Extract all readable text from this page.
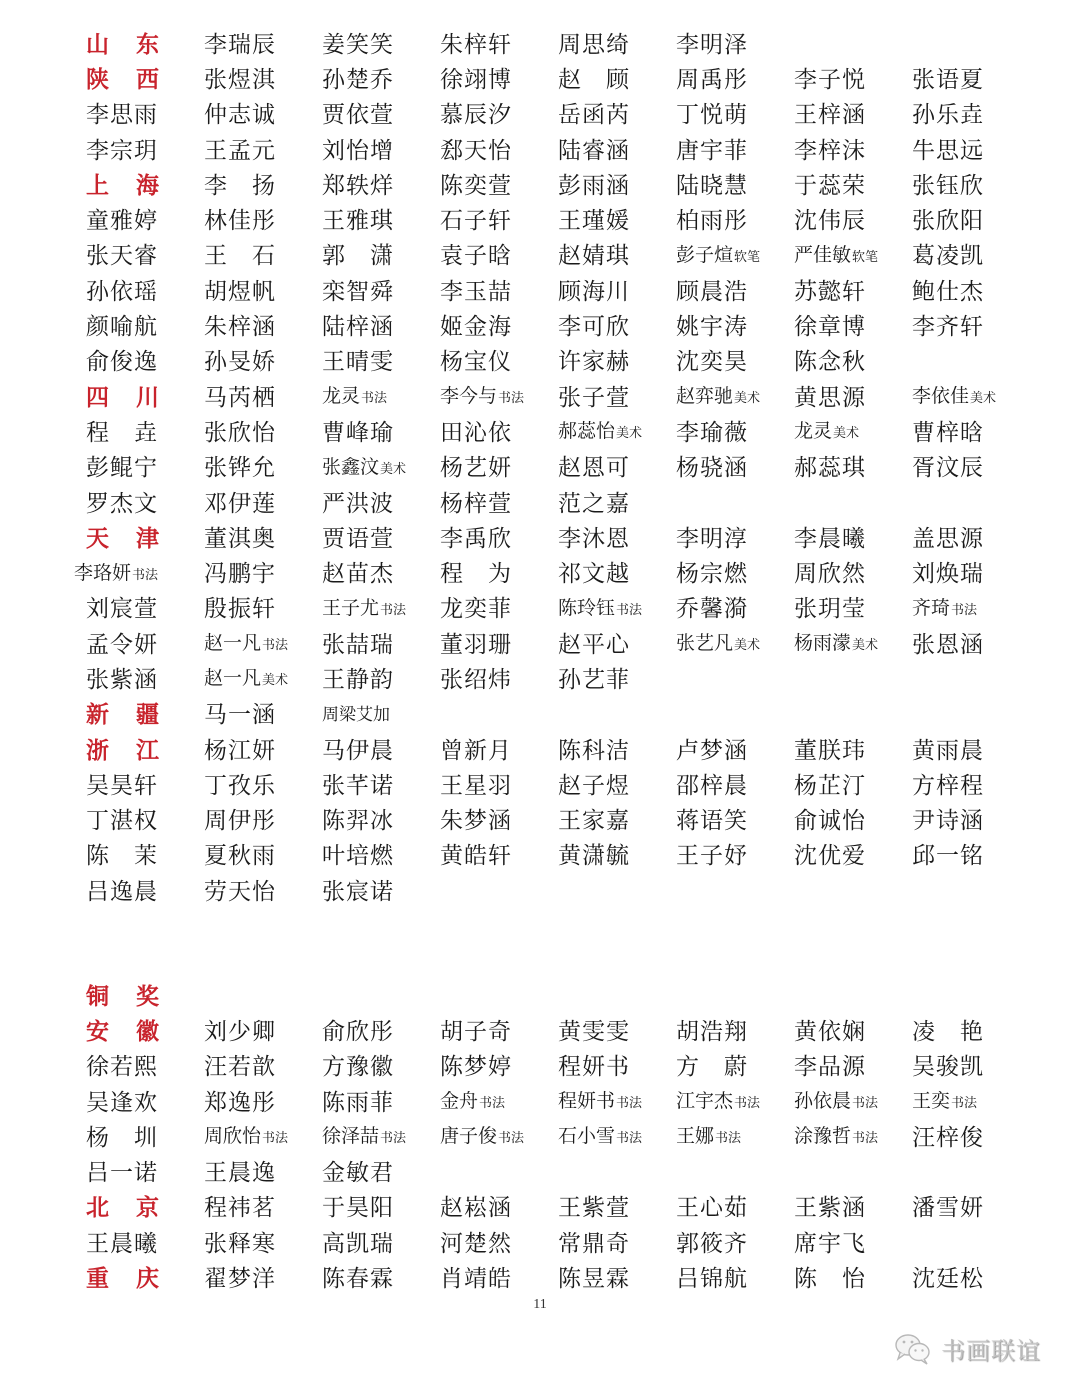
山东	李瑞辰	姜笑笑	朱梓轩	周思绮	李明泽
陕西	张煜淇	孙楚乔	徐翊博	赵顾	周禹彤	李子悦	张语夏
李思雨	仲志诚	贾依萱	慕辰汐	岳函芮	丁悦萌	王梓涵	孙乐垚
李宗玥	王孟元	刘怡增	郄天怡	陆睿涵	唐宇菲	李梓沫	牛思远
上海	李扬	郑轶烊	陈奕萱	彭雨涵	陆晓慧	于蕊荣	张钰欣
童雅婷	林佳彤	王雅琪	石子轩	王瑾媛	柏雨彤	沈伟辰	张欣阳
张天睿	王石	郭潇	袁子晗	赵婧琪	彭子煊软笔	严佳敏软笔	葛凌凯
孙依瑶	胡煜帆	栾智舜	李玉喆	顾海川	顾晨浩	苏懿轩	鲍仕杰
颜喻航	朱梓涵	陆梓涵	姬金海	李可欣	姚宇涛	徐章博	李齐轩
俞俊逸	孙旻娇	王晴雯	杨宝仪	许家赫	沈奕昊	陈念秋
四川	马芮栖	龙灵书法	李今与书法	张子萱	赵弈驰美术	黄思源	李依佳美术
程垚	张欣怡	曹峰瑜	田沁依	郝蕊怡美术	李瑜薇	龙灵美术	曹梓晗
彭鲲宁	张铧允	张鑫汶美术	杨艺妍	赵恩可	杨骁涵	郝蕊琪	胥汶辰
罗杰文	邓伊莲	严洪波	杨梓萱	范之嘉
天津	董淇奥	贾语萱	李禹欣	李沐恩	李明淳	李晨曦	盖思源
李珞妍书法	冯鹏宇	赵苗杰	程为	祁文越	杨宗燃	周欣然	刘焕瑞
刘宸萱	殷振轩	王子尤书法	龙奕菲	陈玲钰书法	乔馨漪	张玥莹	齐琦书法
孟令妍	赵一凡书法	张喆瑞	董羽珊	赵平心	张艺凡美术	杨雨濛美术	张恩涵
张紫涵	赵一凡美术	王静韵	张绍炜	孙艺菲
新疆	马一涵	周梁艾加
浙江	杨江妍	马伊晨	曾新月	陈科洁	卢梦涵	董朕玮	黄雨晨
吴昊轩	丁孜乐	张芊诺	王星羽	赵子煜	邵梓晨	杨芷汀	方梓程
丁湛权	周伊彤	陈羿冰	朱梦涵	王家嘉	蒋语笑	俞诚怡	尹诗涵
陈茉	夏秋雨	叶培燃	黄皓轩	黄潇毓	王子妤	沈优爱	邱一铭
吕逸晨	劳天怡	张宸诺
铜奖
安徽	刘少卿	俞欣彤	胡子奇	黄雯雯	胡浩翔	黄依娴	凌艳
徐若熙	汪若歆	方豫徽	陈梦婷	程妍书	方蔚	李品源	吴骏凯
吴逢欢	郑逸彤	陈雨菲	金舟书法	程妍书书法	江宇杰书法	孙依晨书法	王奕书法
杨圳	周欣怡书法	徐泽喆书法	唐子俊书法	石小雪书法	王娜书法	涂豫哲书法	汪梓俊
吕一诺	王晨逸	金敏君
北京	程祎茗	于昊阳	赵崧涵	王紫萱	王心茹	王紫涵	潘雪妍
王晨曦	张释寒	高凯瑞	河楚然	常鼎奇	郭筱齐	席宇飞
重庆	翟梦洋	陈春霖	肖靖皓	陈昱霖	吕锦航	陈怡	沈廷松
11
书画联谊
